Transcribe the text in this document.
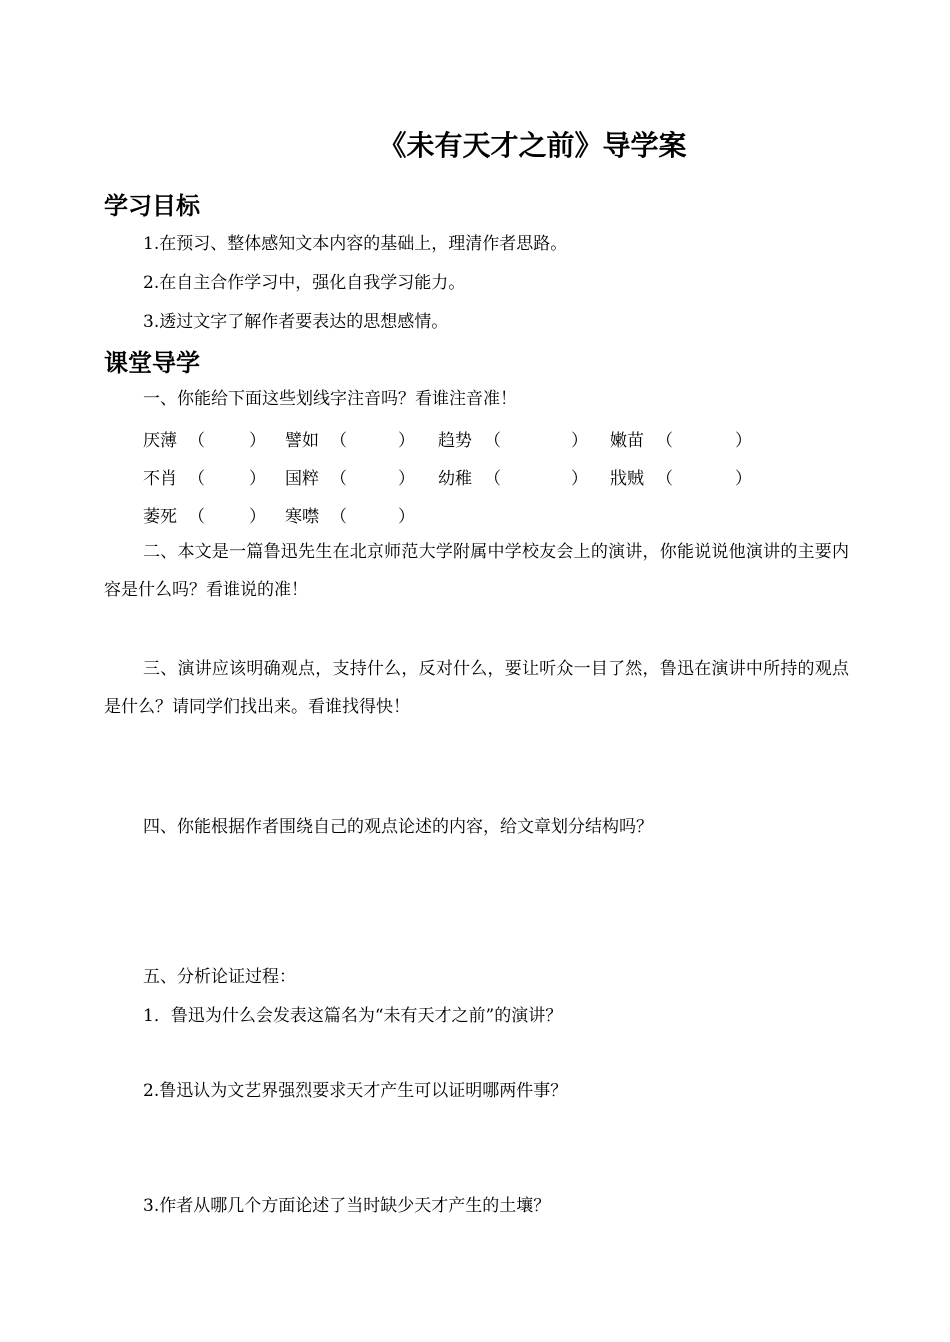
《未有天才之前》导学案
学习目标
1.在预习、整体感知文本内容的基础上，理清作者思路。
2.在自主合作学习中，强化自我学习能力。
3.透过文字了解作者要表达的思想感情。
课堂导学
一、你能给下面这些划线字注音吗？看谁注音准！
厌薄 （	） 譬如 （	） 趋势 （	） 嫩苗 （	）
不肖 （	） 国粹 （	） 幼稚 （	） 戕贼 （	）
萎死 （	） 寒噤 （	）
二、本文是一篇鲁迅先生在北京师范大学附属中学校友会上的演讲，你能说说他演讲的主要内容是什么吗？看谁说的准！
三、演讲应该明确观点，支持什么，反对什么，要让听众一目了然，鲁迅在演讲中所持的观点是什么？请同学们找出来。看谁找得快！
四、你能根据作者围绕自己的观点论述的内容，给文章划分结构吗？
五、分析论证过程：
1．鲁迅为什么会发表这篇名为“未有天才之前”的演讲？
2.鲁迅认为文艺界强烈要求天才产生可以证明哪两件事？
3.作者从哪几个方面论述了当时缺少天才产生的土壤？
